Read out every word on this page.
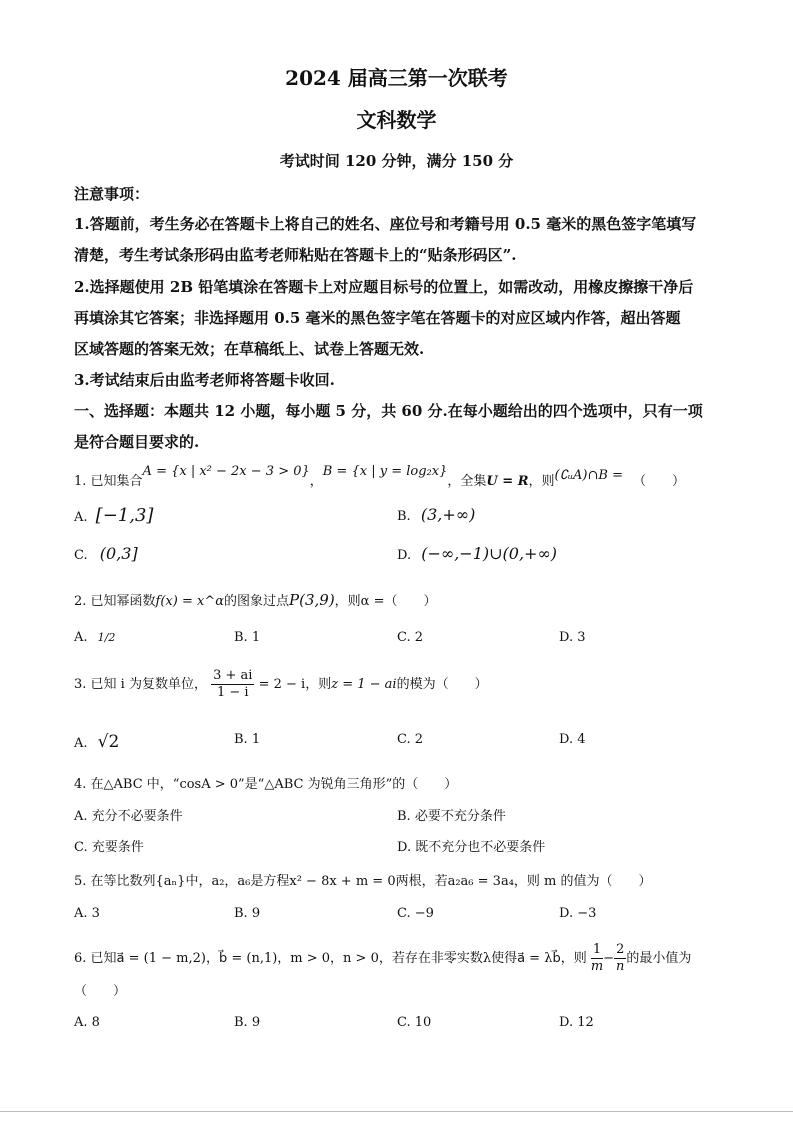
2024 届高三第一次联考
文科数学
考试时间 120 分钟，满分 150 分
注意事项：
1.答题前，考生务必在答题卡上将自己的姓名、座位号和考籍号用 0.5 毫米的黑色签字笔填写
清楚，考生考试条形码由监考老师粘贴在答题卡上的“贴条形码区”.
2.选择题使用 2B 铅笔填涂在答题卡上对应题目标号的位置上，如需改动，用橡皮擦擦干净后
再填涂其它答案；非选择题用 0.5 毫米的黑色签字笔在答题卡的对应区域内作答，超出答题
区域答题的答案无效；在草稿纸上、试卷上答题无效.
3.考试结束后由监考老师将答题卡收回.
一、选择题：本题共 12 小题，每小题 5 分，共 60 分.在每小题给出的四个选项中，只有一项
是符合题目要求的.
1. 已知集合A = {x | x² − 2x − 3 > 0}，B = {x | y = log₂x}，全集U = R，则(∁ᵤA)∩B = （　　）
A. [−1,3]	B. (3,+∞)
C. (0,3]	D. (−∞,−1)∪(0,+∞)
2. 已知幂函数f(x) = x^α的图象过点P(3,9)，则α =（　　）
A. 1/2	B. 1	C. 2	D. 3
3. 已知 i 为复数单位， $\frac{3 + ai}{1 - i} = 2 - i$，则z = 1 − ai的模为（　　）
A. √2	B. 1	C. 2	D. 4
4. 在△ABC 中，“cosA > 0”是“△ABC 为锐角三角形”的（　　）
A. 充分不必要条件	B. 必要不充分条件
C. 充要条件	D. 既不充分也不必要条件
5. 在等比数列{aₙ}中，a₂，a₆是方程x² − 8x + m = 0两根，若a₂a₆ = 3a₄，则 m 的值为（　　）
A. 3	B. 9	C. −9	D. −3
6. 已知a⃗ = (1 − m,2)，b⃗ = (n,1)，m > 0，n > 0，若存在非零实数λ使得a⃗ = λb⃗，则 $\frac{1}{m} - \frac{2}{n}$ 的最小值为
（　　）
A. 8	B. 9	C. 10	D. 12
